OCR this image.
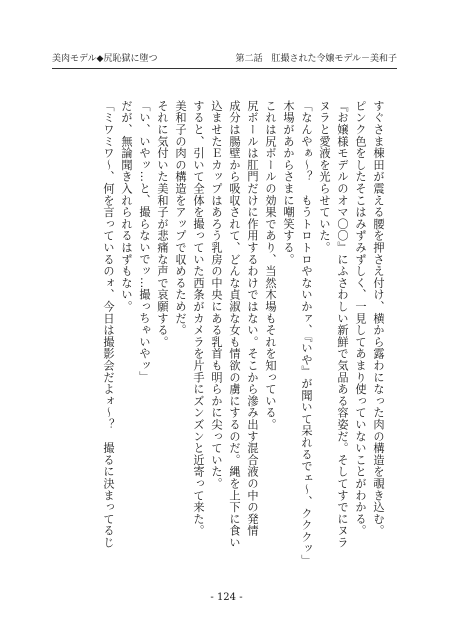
美肉モデル◆尻恥獄に堕つ	第二話　肛撮された令嬢モデル－美和子
すぐさま棟田が震える腰を押さえ付け、横から露わになった肉の構造を覗き込む。
ピンク色をしたそこはみずみずしく、一見してあまり使っていないことがわかる。
『お嬢様モデルのオマ〇〇』にふさわしい新鮮で気品ある容姿だ。そしてすでにヌラ
ヌラと愛液を光らせていた。
「なんやぁ～？　もうトロトロやないかァ、『いや』が聞いて呆れるでェ～、クククッ」
木場があからさまに嘲笑する。
これは尻ボールの効果であり、当然木場もそれを知っている。
尻ボールは肛門だけに作用するわけではない。そこから滲み出す混合液の中の発情
成分は腸壁から吸収されて、どんな貞淑な女も情欲の虜にするのだ。縄を上下に食い
込ませたＥカップはあろう乳房の中央にある乳首も明らかに尖っていた。
すると、引いて全体を撮っていた西条がカメラを片手にズンズンと近寄って来た。
美和子の肉の構造をアップで収めるためだ。
それに気付いた美和子が悲痛な声で哀願する。
「い、いやッ…と、撮らないでッ…撮っちゃいやッ」
だが、無論聞き入れられるはずもない。
「ミワミワ～、何を言っているのォ、今日は撮影会だよォ～？　撮るに決まってるじ
- 124 -
